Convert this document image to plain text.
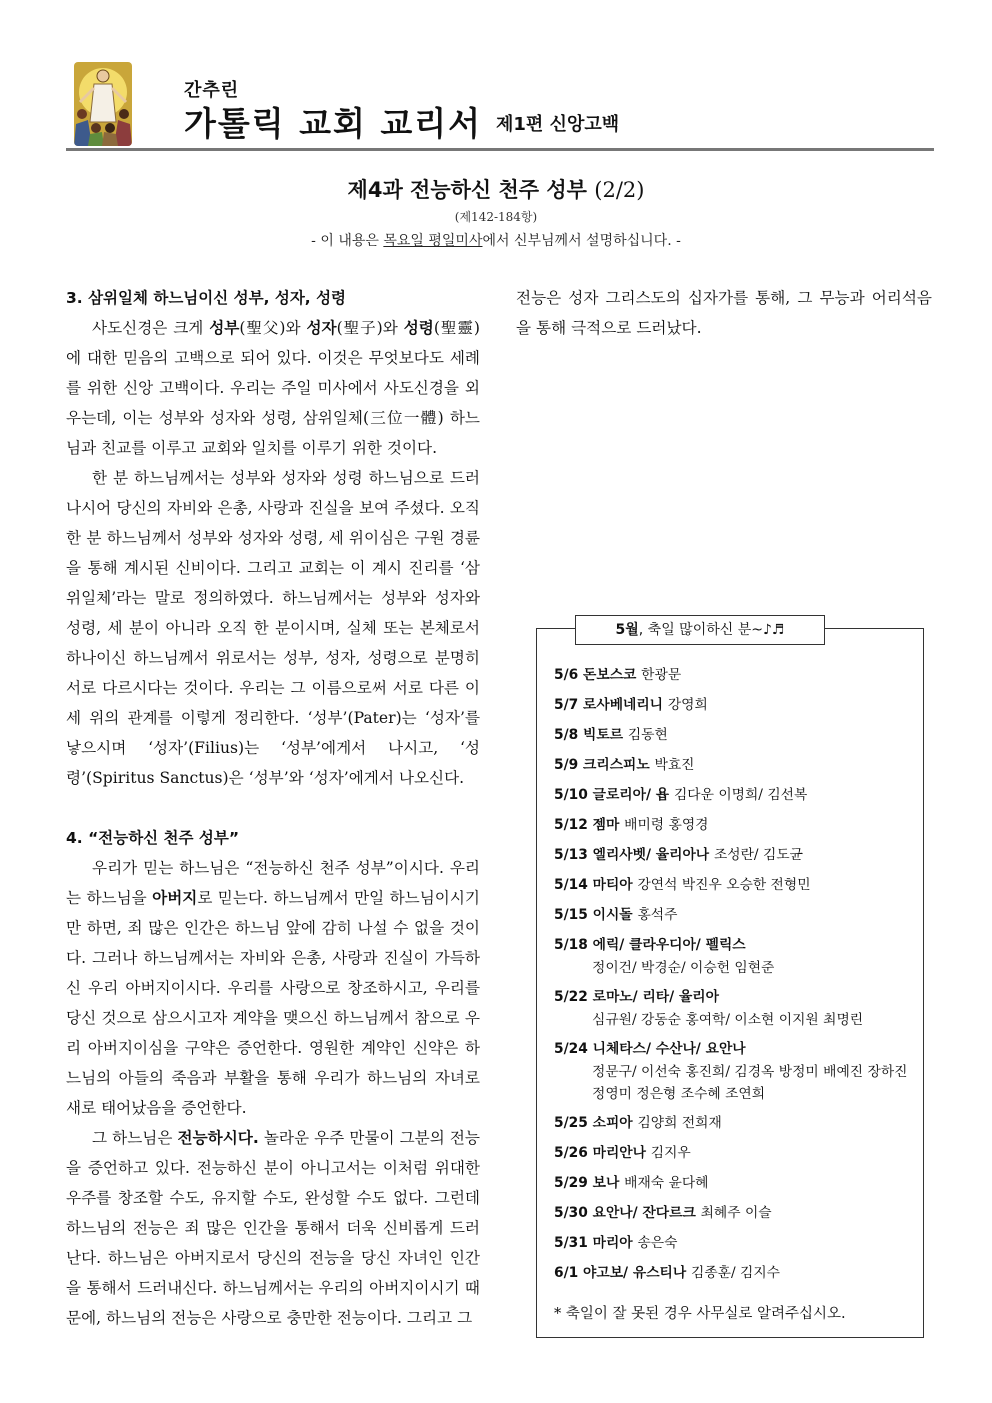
간추린
가톨릭 교회 교리서 제1편 신앙고백
제4과 전능하신 천주 성부 (2/2)
(제142-184항)
- 이 내용은 목요일 평일미사에서 신부님께서 설명하십니다. -
3. 삼위일체 하느님이신 성부, 성자, 성령

사도신경은 크게 성부(聖父)와 성자(聖子)와 성령(聖靈)에 대한 믿음의 고백으로 되어 있다. 이것은 무엇보다도 세례를 위한 신앙 고백이다. 우리는 주일 미사에서 사도신경을 외우는데, 이는 성부와 성자와 성령, 삼위일체(三位一體) 하느님과 친교를 이루고 교회와 일치를 이루기 위한 것이다.

한 분 하느님께서는 성부와 성자와 성령 하느님으로 드러나시어 당신의 자비와 은총, 사랑과 진실을 보여 주셨다. 오직 한 분 하느님께서 성부와 성자와 성령, 세 위이심은 구원 경륜을 통해 계시된 신비이다. 그리고 교회는 이 계시 진리를 ‘삼위일체’라는 말로 정의하였다. 하느님께서는 성부와 성자와 성령, 세 분이 아니라 오직 한 분이시며, 실체 또는 본체로서 하나이신 하느님께서 위로서는 성부, 성자, 성령으로 분명히 서로 다르시다는 것이다. 우리는 그 이름으로써 서로 다른 이 세 위의 관계를 이렇게 정리한다. ‘성부’(Pater)는 ‘성자’를 낳으시며 ‘성자’(Filius)는 ‘성부’에게서 나시고, ‘성령’(Spiritus Sanctus)은 ‘성부’와 ‘성자’에게서 나오신다.

4. “전능하신 천주 성부”

우리가 믿는 하느님은 “전능하신 천주 성부”이시다. 우리는 하느님을 아버지로 믿는다. 하느님께서 만일 하느님이시기만 하면, 죄 많은 인간은 하느님 앞에 감히 나설 수 없을 것이다. 그러나 하느님께서는 자비와 은총, 사랑과 진실이 가득하신 우리 아버지이시다. 우리를 사랑으로 창조하시고, 우리를 당신 것으로 삼으시고자 계약을 맺으신 하느님께서 참으로 우리 아버지이심을 구약은 증언한다. 영원한 계약인 신약은 하느님의 아들의 죽음과 부활을 통해 우리가 하느님의 자녀로 새로 태어났음을 증언한다.

그 하느님은 전능하시다. 놀라운 우주 만물이 그분의 전능을 증언하고 있다. 전능하신 분이 아니고서는 이처럼 위대한 우주를 창조할 수도, 유지할 수도, 완성할 수도 없다. 그런데 하느님의 전능은 죄 많은 인간을 통해서 더욱 신비롭게 드러난다. 하느님은 아버지로서 당신의 전능을 당신 자녀인 인간을 통해서 드러내신다. 하느님께서는 우리의 아버지이시기 때문에, 하느님의 전능은 사랑으로 충만한 전능이다. 그리고 그

5월, 축일 많이하신 분~♪♬
5/6 돈보스코 한광문
5/7 로사베네리니 강영희
5/8 빅토르 김동현
5/9 크리스피노 박효진
5/10 글로리아/ 욥 김다운 이명희/ 김선복
5/12 젬마 배미령 홍영경
5/13 엘리사벳/ 율리아나 조성란/ 김도균
5/14 마티아 강연석 박진우 오승한 전형민
5/15 이시돌 홍석주
5/18 에릭/ 클라우디아/ 펠릭스
정이건/ 박경순/ 이승헌 임현준
5/22 로마노/ 리타/ 율리아
심규원/ 강동순 홍여학/ 이소현 이지원 최명린
5/24 니체타스/ 수산나/ 요안나
정문구/ 이선숙 홍진희/ 김경옥 방정미 배예진 장하진 정영미 정은형 조수혜 조연희
5/25 소피아 김양희 전희재
5/26 마리안나 김지우
5/29 보나 배재숙 윤다혜
5/30 요안나/ 잔다르크 최혜주 이슬
5/31 마리아 송은숙
6/1 야고보/ 유스티나 김종훈/ 김지수
* 축일이 잘 못된 경우 사무실로 알려주십시오.

전능은 성자 그리스도의 십자가를 통해, 그 무능과 어리석음을 통해 극적으로 드러났다.
